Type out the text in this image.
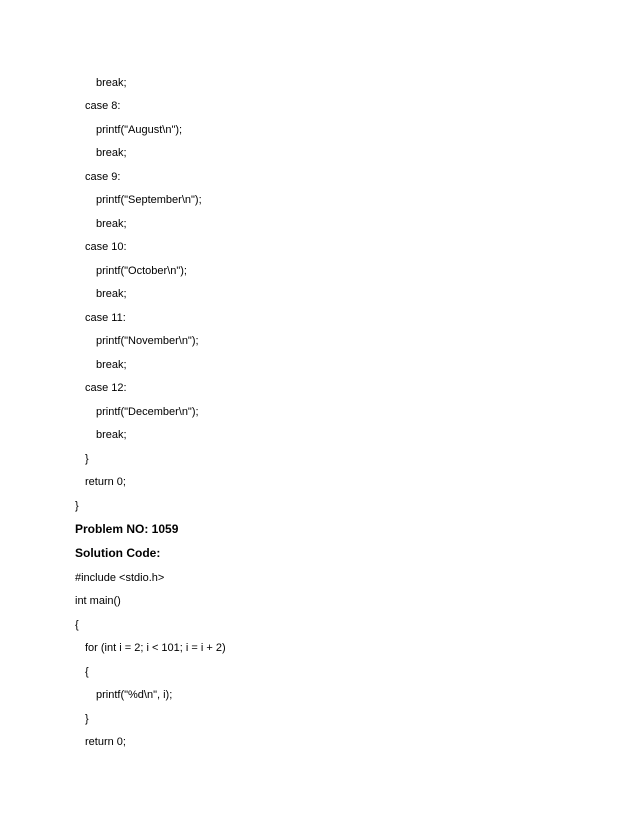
break;
case 8:
printf("August\n");
break;
case 9:
printf("September\n");
break;
case 10:
printf("October\n");
break;
case 11:
printf("November\n");
break;
case 12:
printf("December\n");
break;
}
return 0;
}
Problem NO: 1059
Solution Code:
#include <stdio.h>
int main()
{
for (int i = 2; i < 101; i = i + 2)
{
printf("%d\n", i);
}
return 0;
